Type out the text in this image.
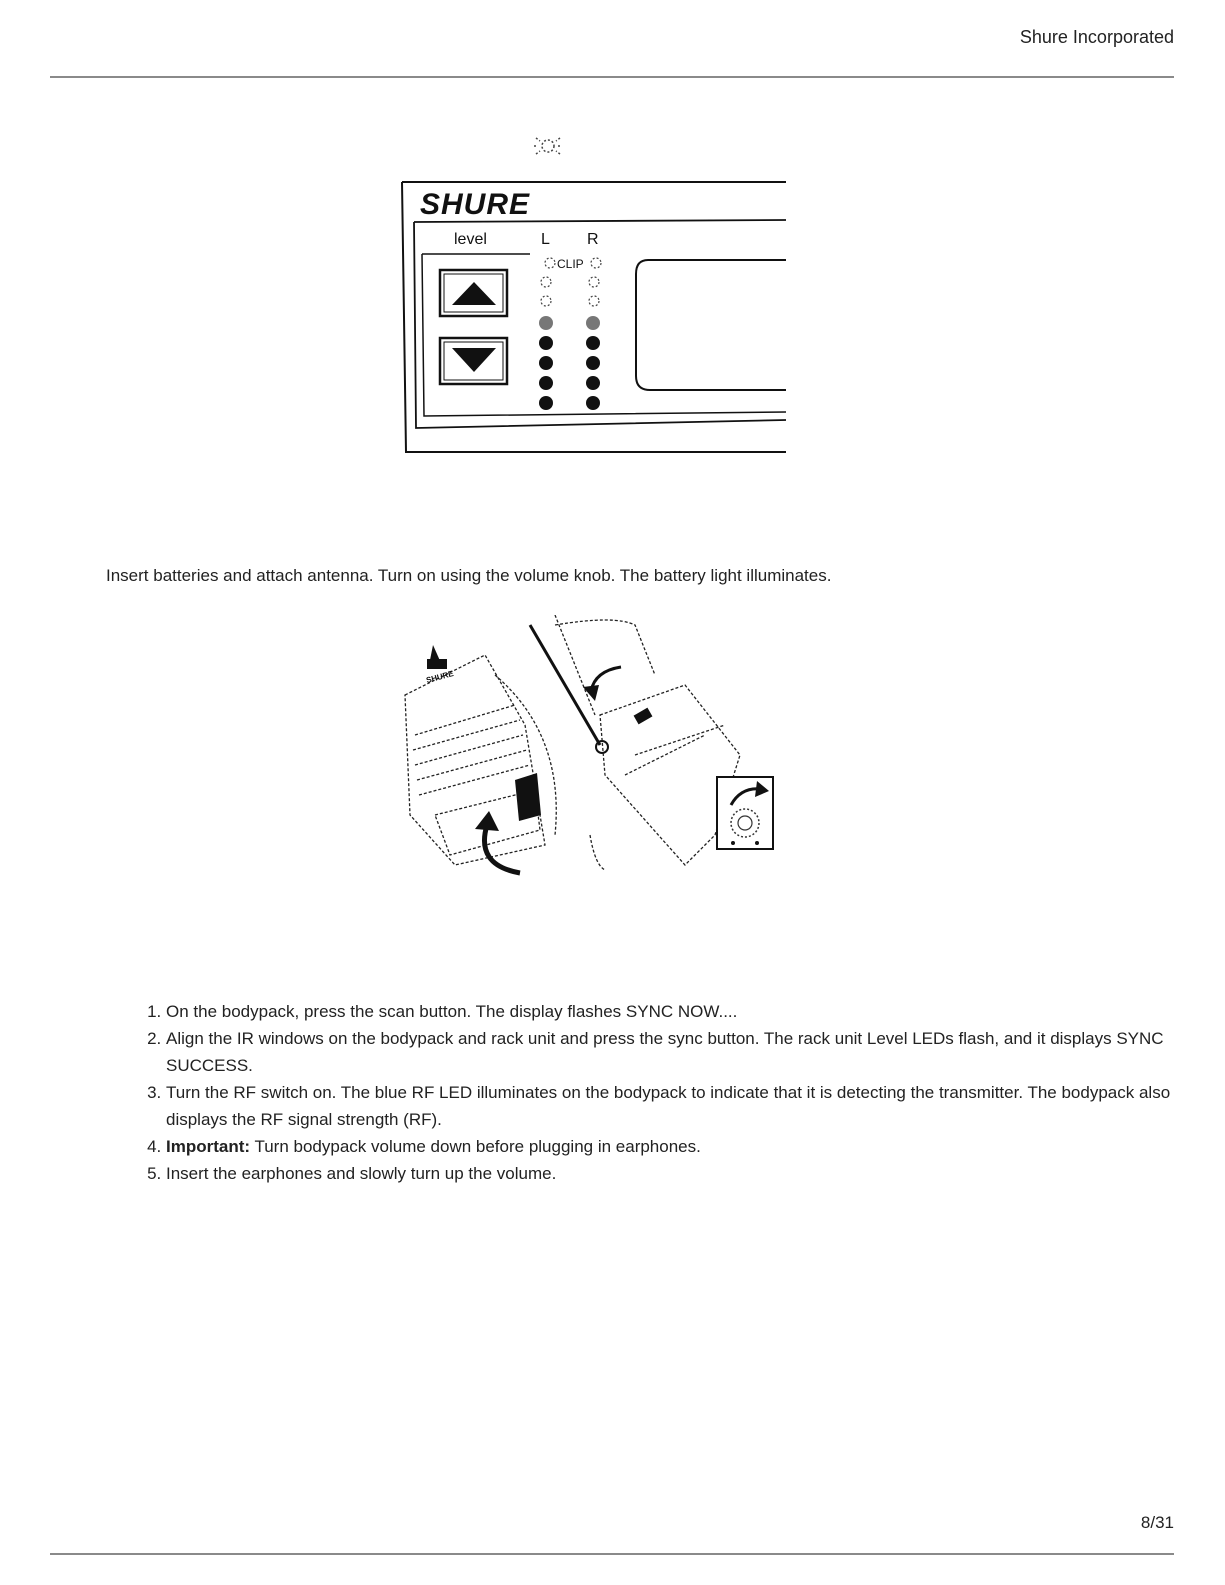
Shure Incorporated
SHURE
level	L R
CLIP
Insert batteries and attach antenna. Turn on using the volume knob. The battery light illuminates.
SHURE
1. On the bodypack, press the scan button. The display flashes SYNC NOW....
2. Align the IR windows on the bodypack and rack unit and press the sync button. The rack unit Level LEDs flash, and it displays SYNC SUCCESS.
3. Turn the RF switch on. The blue RF LED illuminates on the bodypack to indicate that it is detecting the transmitter. The bodypack also displays the RF signal strength (RF).
4. Important: Turn bodypack volume down before plugging in earphones.
5. Insert the earphones and slowly turn up the volume.
8/31
